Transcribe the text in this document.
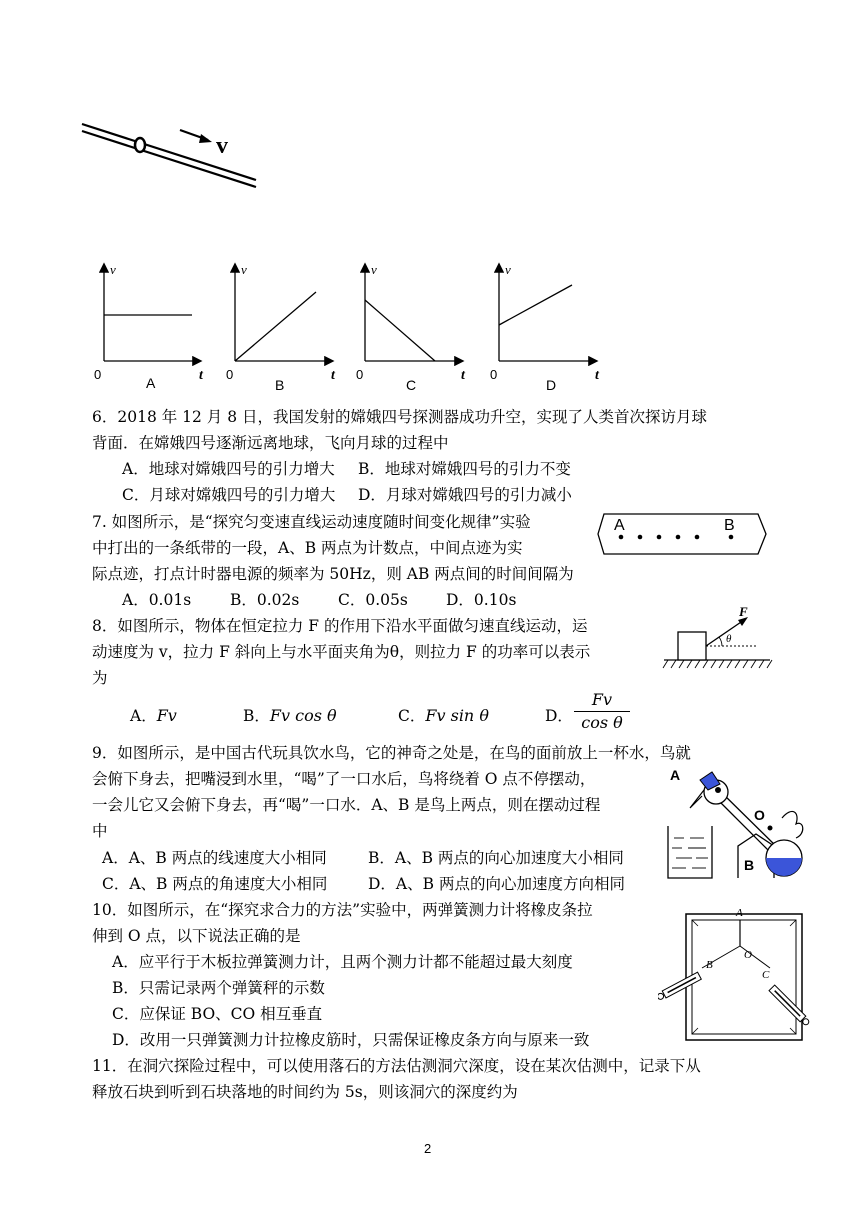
v
v
t
0
A
v
t
0
B
v
t
0
C
v
t
0
D
6．2018 年 12 月 8 日，我国发射的嫦娥四号探测器成功升空，实现了人类首次探访月球
背面．在嫦娥四号逐渐远离地球，飞向月球的过程中
A．地球对嫦娥四号的引力增大 B．地球对嫦娥四号的引力不变
C．月球对嫦娥四号的引力增大 D．月球对嫦娥四号的引力减小
7. 如图所示，是“探究匀变速直线运动速度随时间变化规律”实验
中打出的一条纸带的一段，A、B 两点为计数点，中间点迹为实
际点迹，打点计时器电源的频率为 50Hz，则 AB 两点间的时间间隔为
A．0.01s	B．0.02s C．0.05s D．0.10s
A	B
8．如图所示，物体在恒定拉力 F 的作用下沿水平面做匀速直线运动，运
动速度为 v，拉力 F 斜向上与水平面夹角为θ，则拉力 F 的功率可以表示
为
F
θ
A．Fv	B．Fv cos θ	C．Fv sin θ	D．
Fv
cos θ
9．如图所示，是中国古代玩具饮水鸟，它的神奇之处是，在鸟的面前放上一杯水，鸟就
会俯下身去，把嘴浸到水里，“喝”了一口水后，鸟将绕着 O 点不停摆动，
一会儿它又会俯下身去，再“喝”一口水．A、B 是鸟上两点，则在摆动过程
中
A．A、B 两点的线速度大小相同	B．A、B 两点的向心加速度大小相同
C．A、B 两点的角速度大小相同	D．A、B 两点的向心加速度方向相同
A
O
B
10．如图所示，在“探究求合力的方法”实验中，两弹簧测力计将橡皮条拉
伸到 O 点，以下说法正确的是
A．应平行于木板拉弹簧测力计，且两个测力计都不能超过最大刻度
B．只需记录两个弹簧秤的示数
C．应保证 BO、CO 相互垂直
D．改用一只弹簧测力计拉橡皮筋时，只需保证橡皮条方向与原来一致
A
B
O
C
11．在洞穴探险过程中，可以使用落石的方法估测洞穴深度，设在某次估测中，记录下从
释放石块到听到石块落地的时间约为 5s，则该洞穴的深度约为
2
